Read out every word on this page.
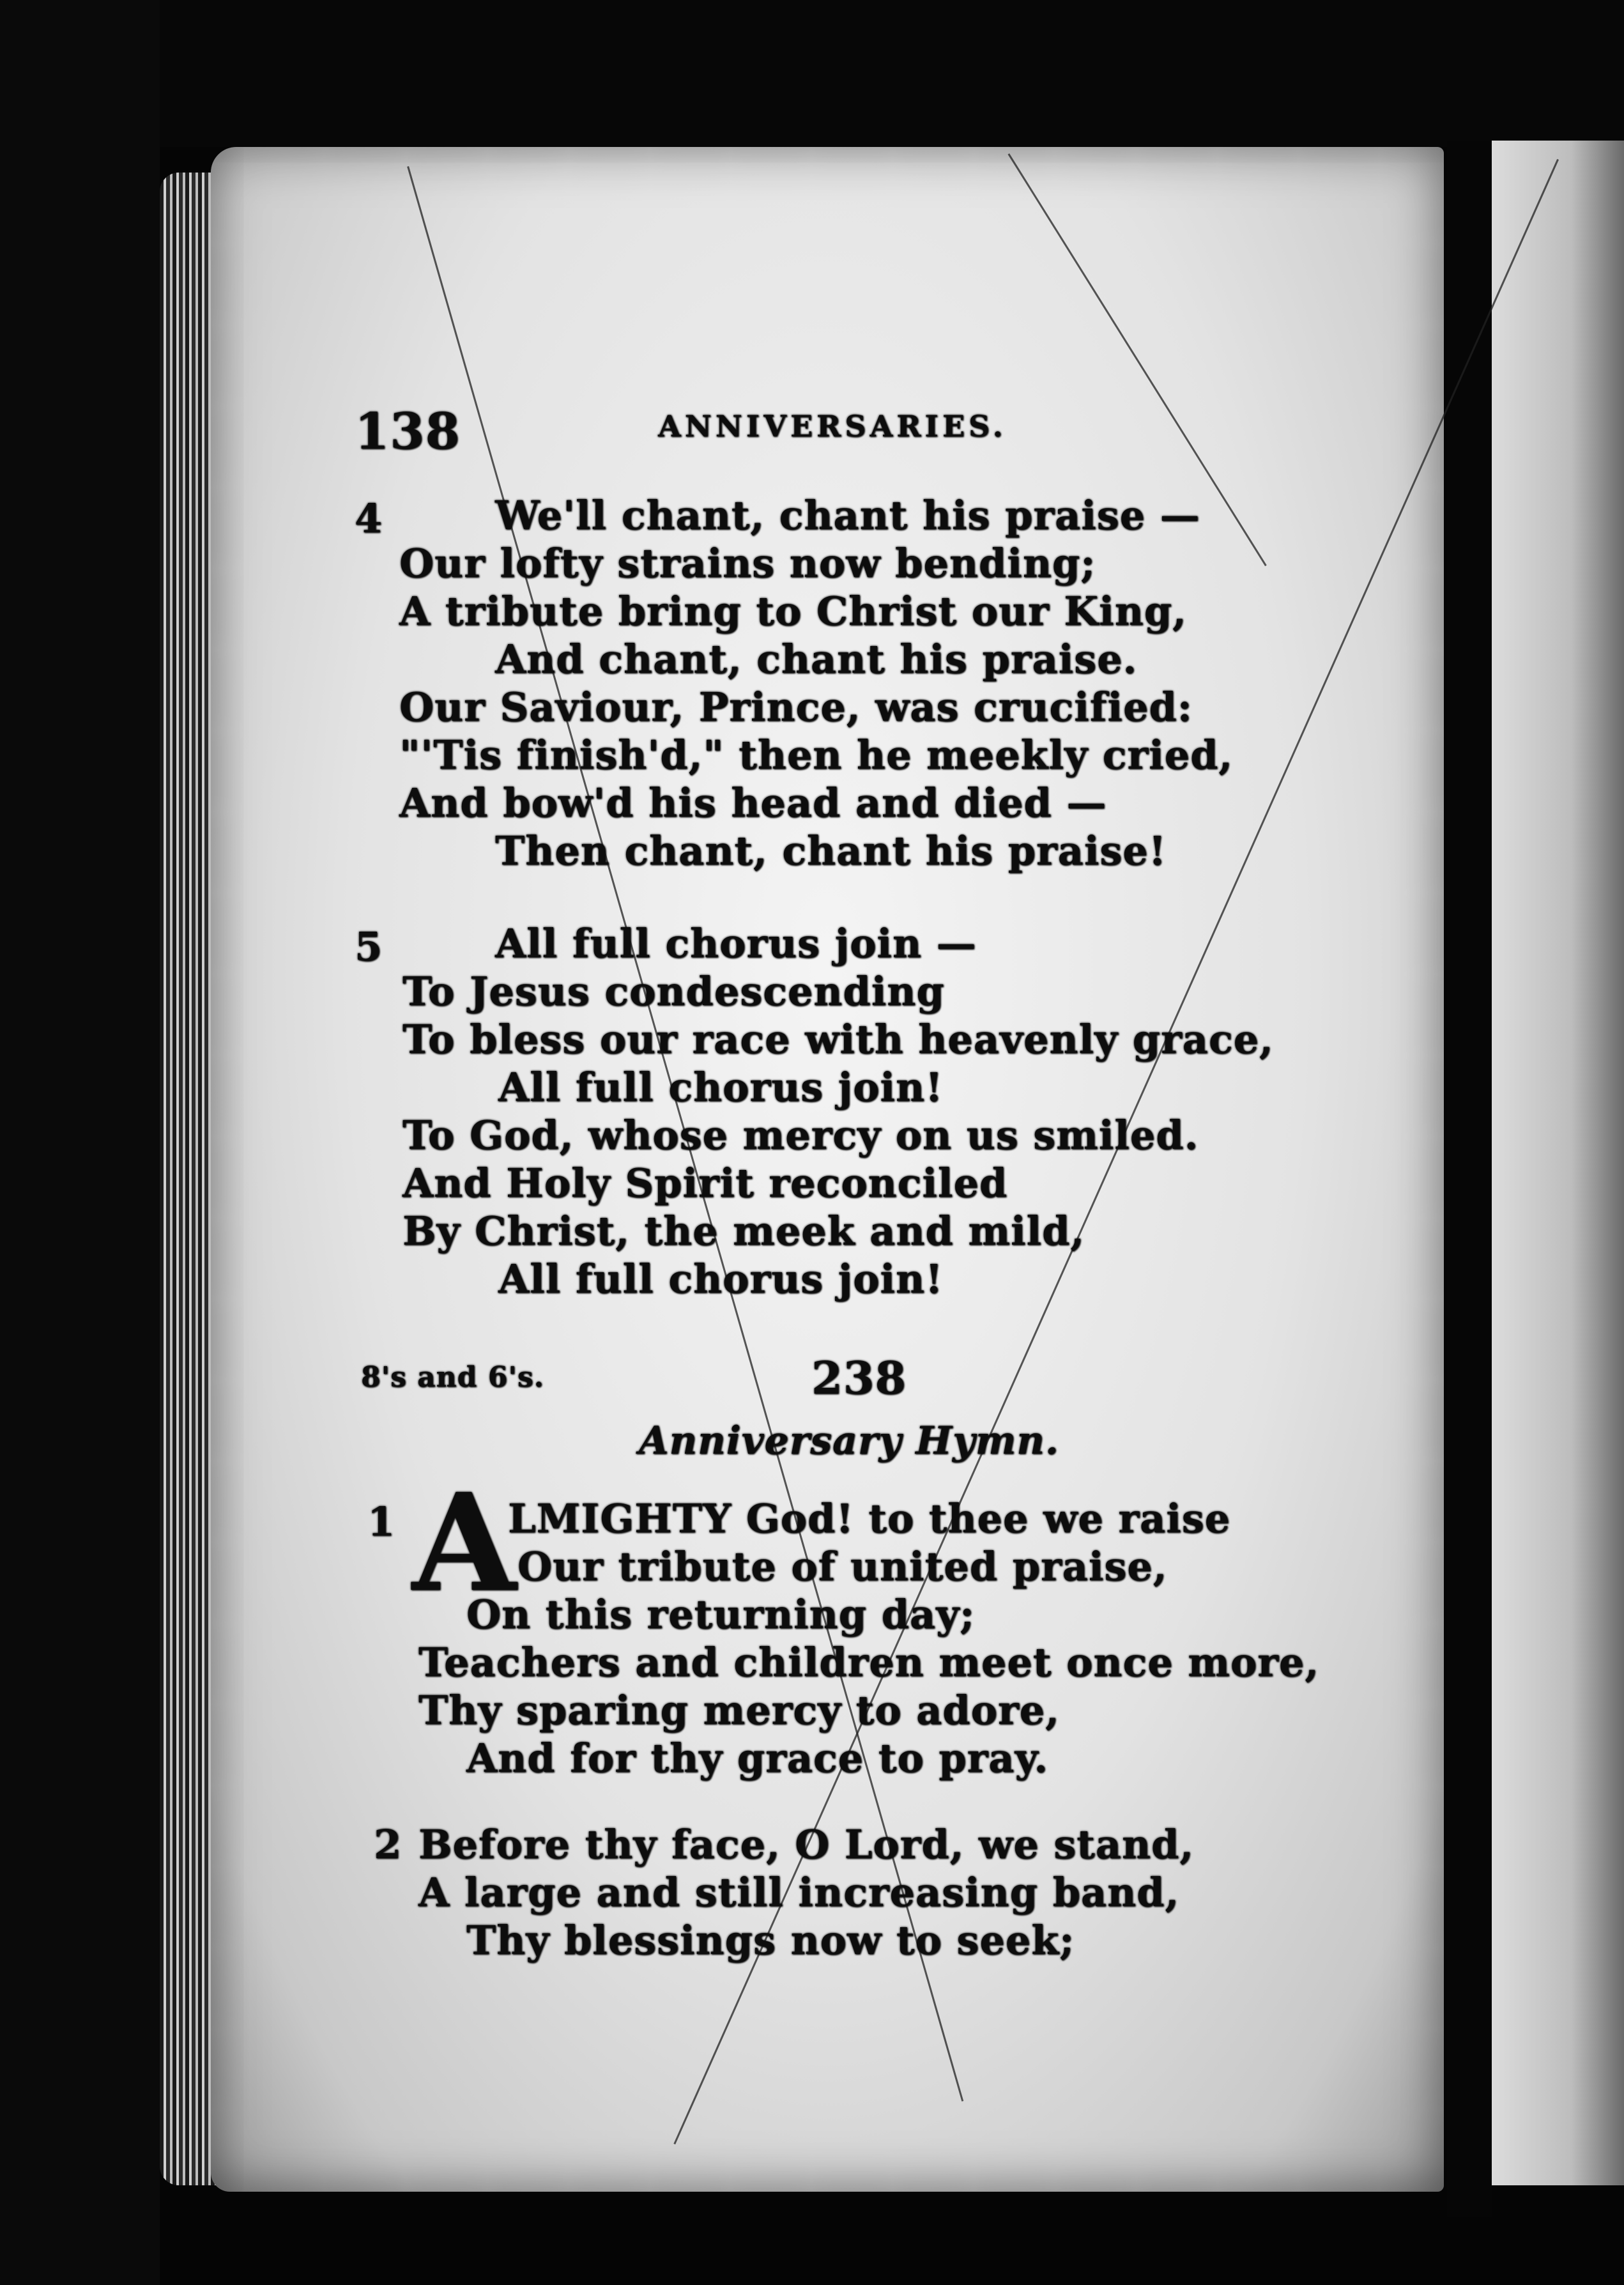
138	ANNIVERSARIES.
4	We'll chant, chant his praise —
Our lofty strains now bending;
A tribute bring to Christ our King,
And chant, chant his praise.
Our Saviour, Prince, was crucified:
"'Tis finish'd," then he meekly cried,
And bow'd his head and died —
Then chant, chant his praise!
5	All full chorus join —
To Jesus condescending
To bless our race with heavenly grace,
All full chorus join!
To God, whose mercy on us smiled.
And Holy Spirit reconciled
By Christ, the meek and mild,
All full chorus join!
8's and 6's.	238
Anniversary Hymn.
1 A
LMIGHTY God! to thee we raise
Our tribute of united praise,
On this returning day;
Teachers and children meet once more,
Thy sparing mercy to adore,
And for thy grace to pray.
2 Before thy face, O Lord, we stand,
A large and still increasing band,
Thy blessings now to seek;
